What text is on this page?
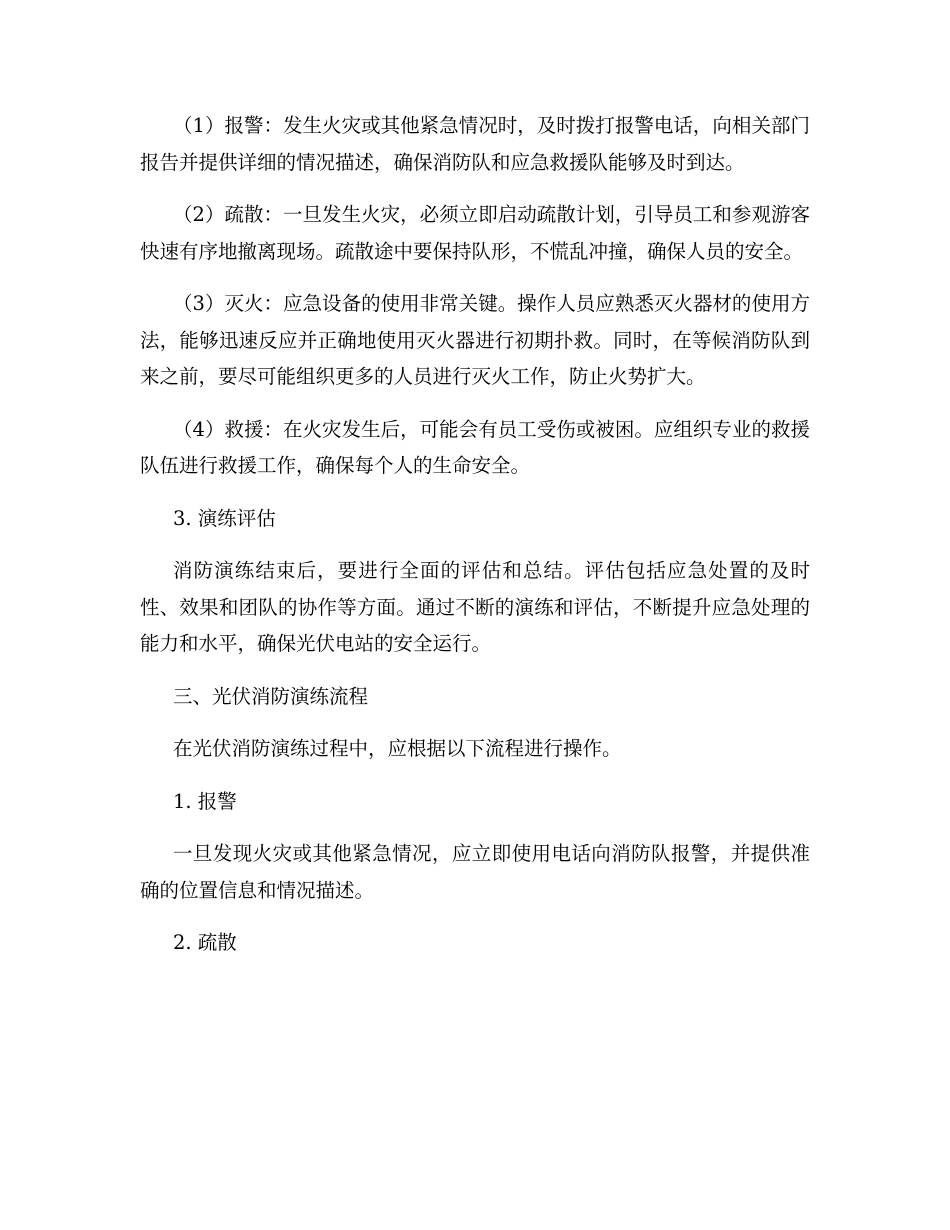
（1）报警：发生火灾或其他紧急情况时，及时拨打报警电话，向相关部门报告并提供详细的情况描述，确保消防队和应急救援队能够及时到达。

（2）疏散：一旦发生火灾，必须立即启动疏散计划，引导员工和参观游客快速有序地撤离现场。疏散途中要保持队形，不慌乱冲撞，确保人员的安全。

（3）灭火：应急设备的使用非常关键。操作人员应熟悉灭火器材的使用方法，能够迅速反应并正确地使用灭火器进行初期扑救。同时，在等候消防队到来之前，要尽可能组织更多的人员进行灭火工作，防止火势扩大。

（4）救援：在火灾发生后，可能会有员工受伤或被困。应组织专业的救援队伍进行救援工作，确保每个人的生命安全。

3. 演练评估

消防演练结束后，要进行全面的评估和总结。评估包括应急处置的及时性、效果和团队的协作等方面。通过不断的演练和评估，不断提升应急处理的能力和水平，确保光伏电站的安全运行。

三、光伏消防演练流程

在光伏消防演练过程中，应根据以下流程进行操作。

1. 报警

一旦发现火灾或其他紧急情况，应立即使用电话向消防队报警，并提供准确的位置信息和情况描述。

2. 疏散
